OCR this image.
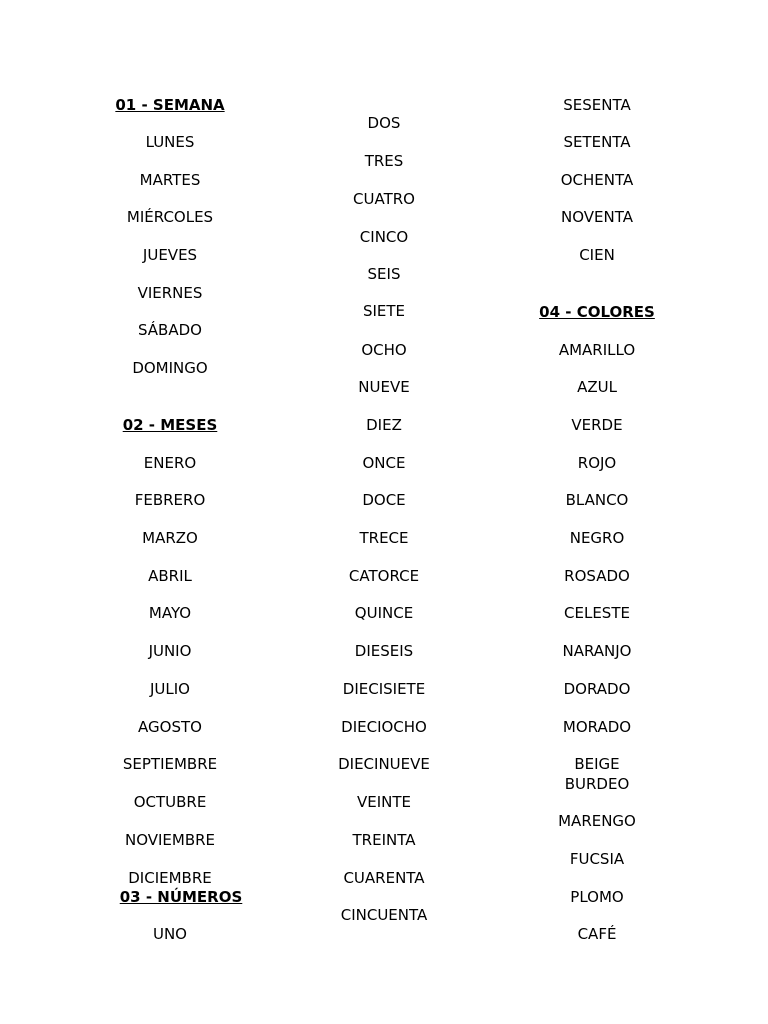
01 - SEMANA
LUNES
MARTES
MIÉRCOLES
JUEVES
VIERNES
SÁBADO
DOMINGO
02 - MESES
ENERO
FEBRERO
MARZO
ABRIL
MAYO
JUNIO
JULIO
AGOSTO
SEPTIEMBRE
OCTUBRE
NOVIEMBRE
DICIEMBRE
03 - NÚMEROS
UNO
DOS
TRES
CUATRO
CINCO
SEIS
SIETE
OCHO
NUEVE
DIEZ
ONCE
DOCE
TRECE
CATORCE
QUINCE
DIESEIS
DIECISIETE
DIECIOCHO
DIECINUEVE
VEINTE
TREINTA
CUARENTA
CINCUENTA
SESENTA
SETENTA
OCHENTA
NOVENTA
CIEN
04 - COLORES
AMARILLO
AZUL
VERDE
ROJO
BLANCO
NEGRO
ROSADO
CELESTE
NARANJO
DORADO
MORADO
BEIGE
BURDEO
MARENGO
FUCSIA
PLOMO
CAFÉ
